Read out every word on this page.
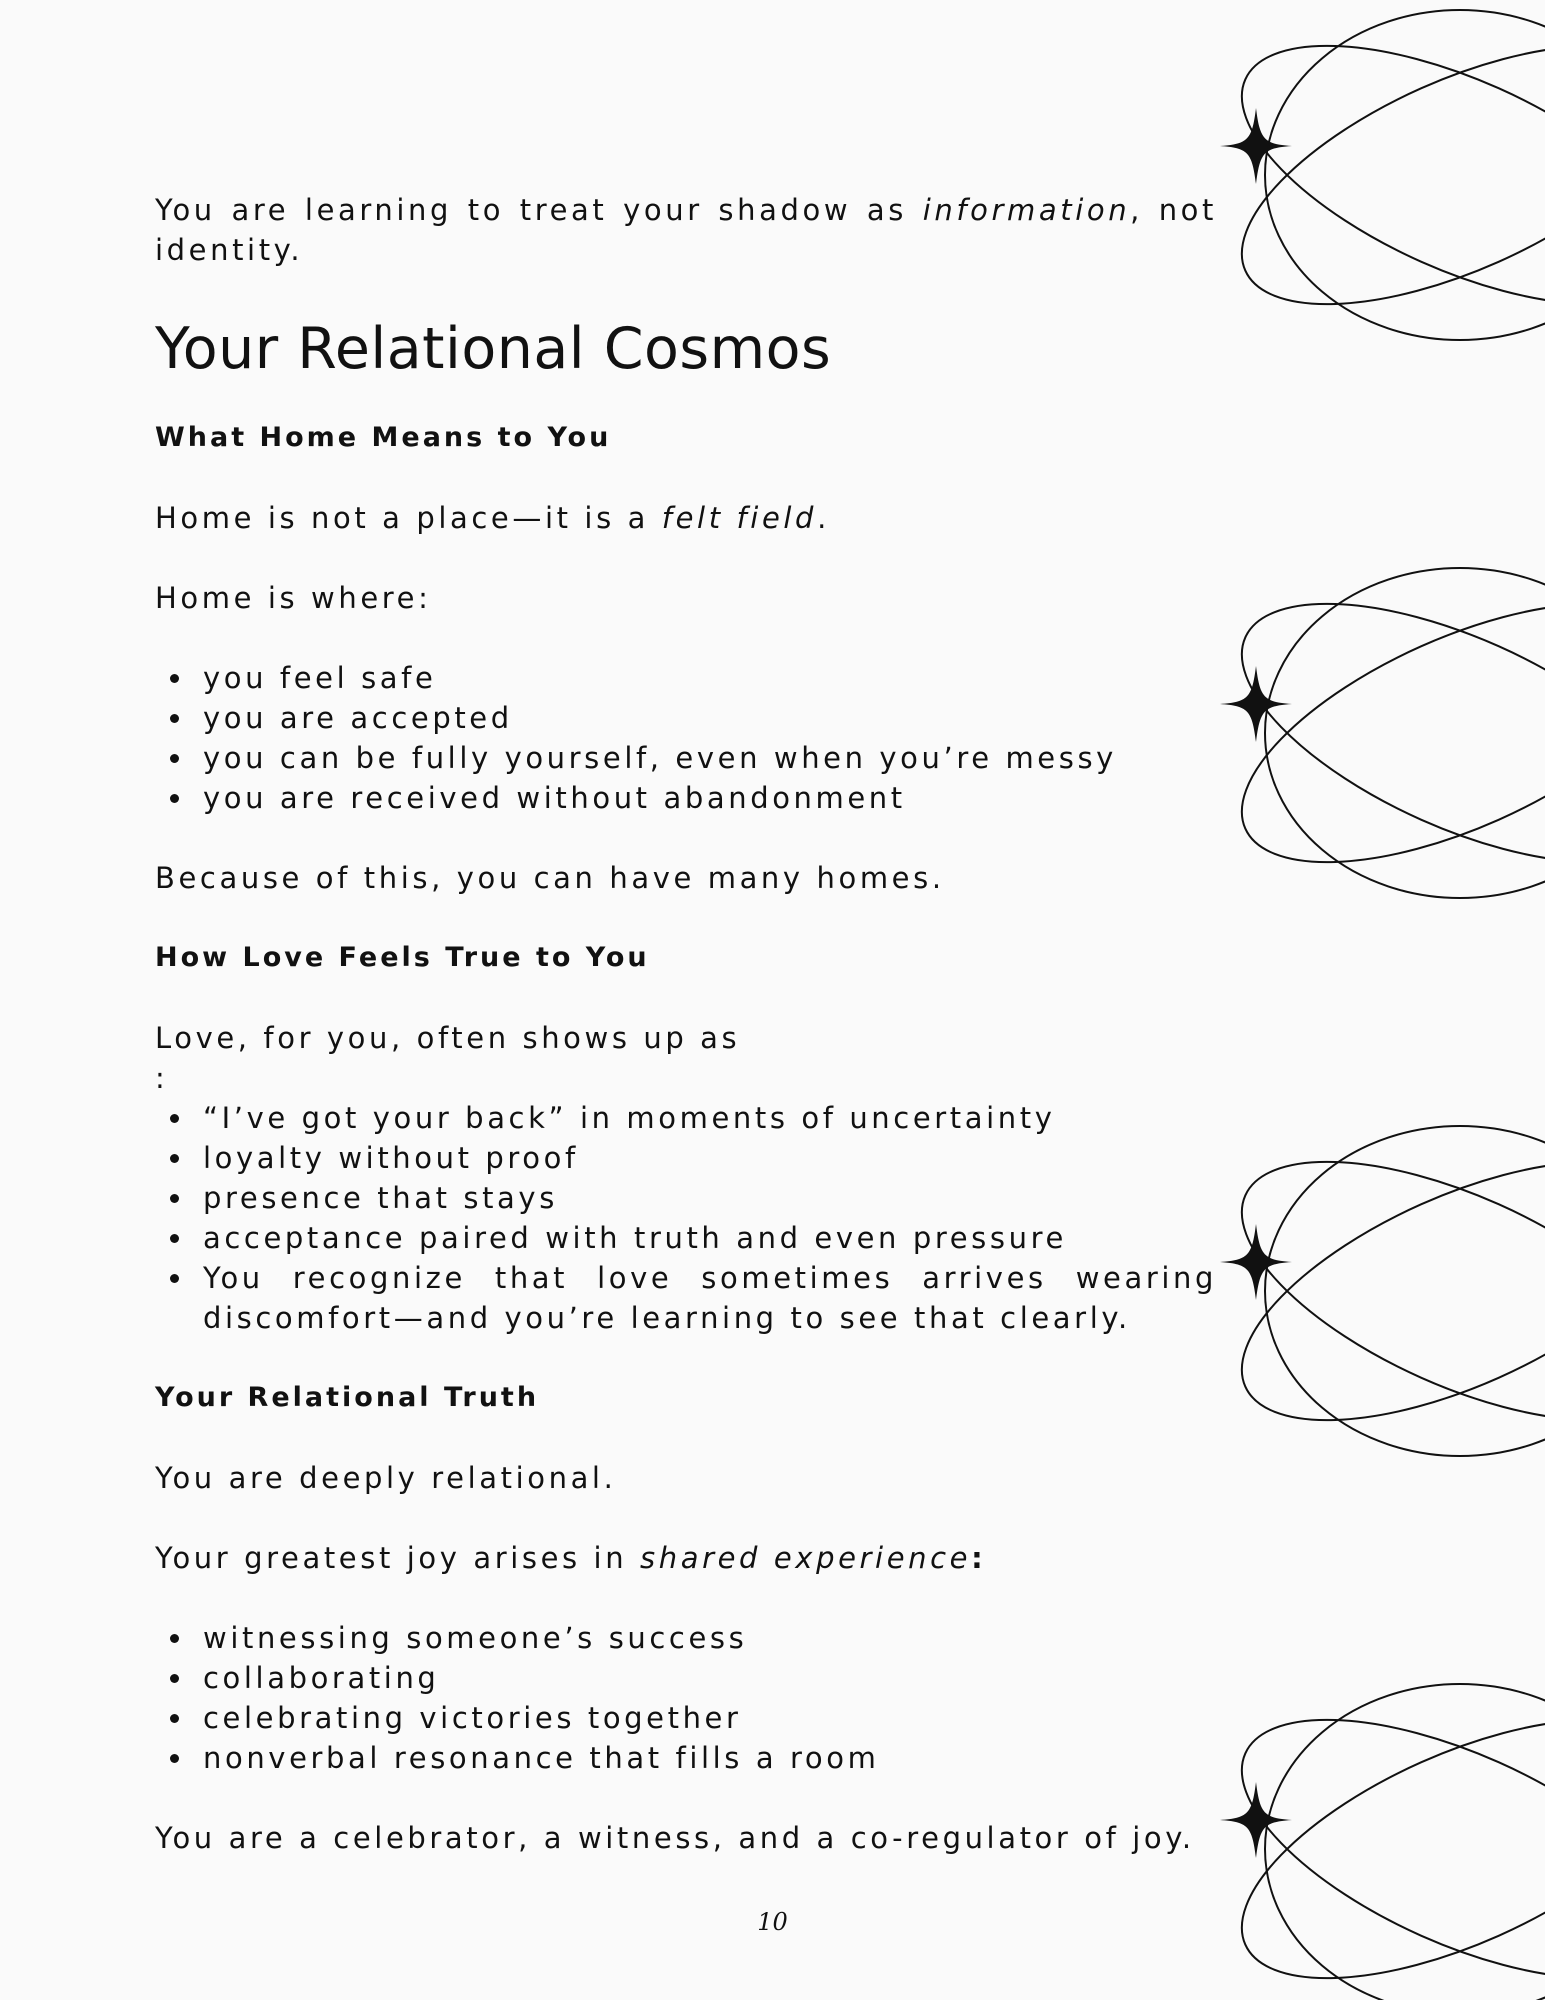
You are learning to treat your shadow as information, not identity.

Your Relational Cosmos
What Home Means to You

Home is not a place—it is a felt field.

Home is where:

you feel safe
you are accepted
you can be fully yourself, even when you’re messy
you are received without abandonment

Because of this, you can have many homes.

How Love Feels True to You

Love, for you, often shows up as

:

“I’ve got your back” in moments of uncertainty
loyalty without proof
presence that stays
acceptance paired with truth and even pressure
You recognize that love sometimes arrives wearing discomfort—and you’re learning to see that clearly.
Your Relational Truth

You are deeply relational.

Your greatest joy arises in shared experience:

witnessing someone’s success
collaborating
celebrating victories together
nonverbal resonance that fills a room

You are a celebrator, a witness, and a co-regulator of joy.

10
